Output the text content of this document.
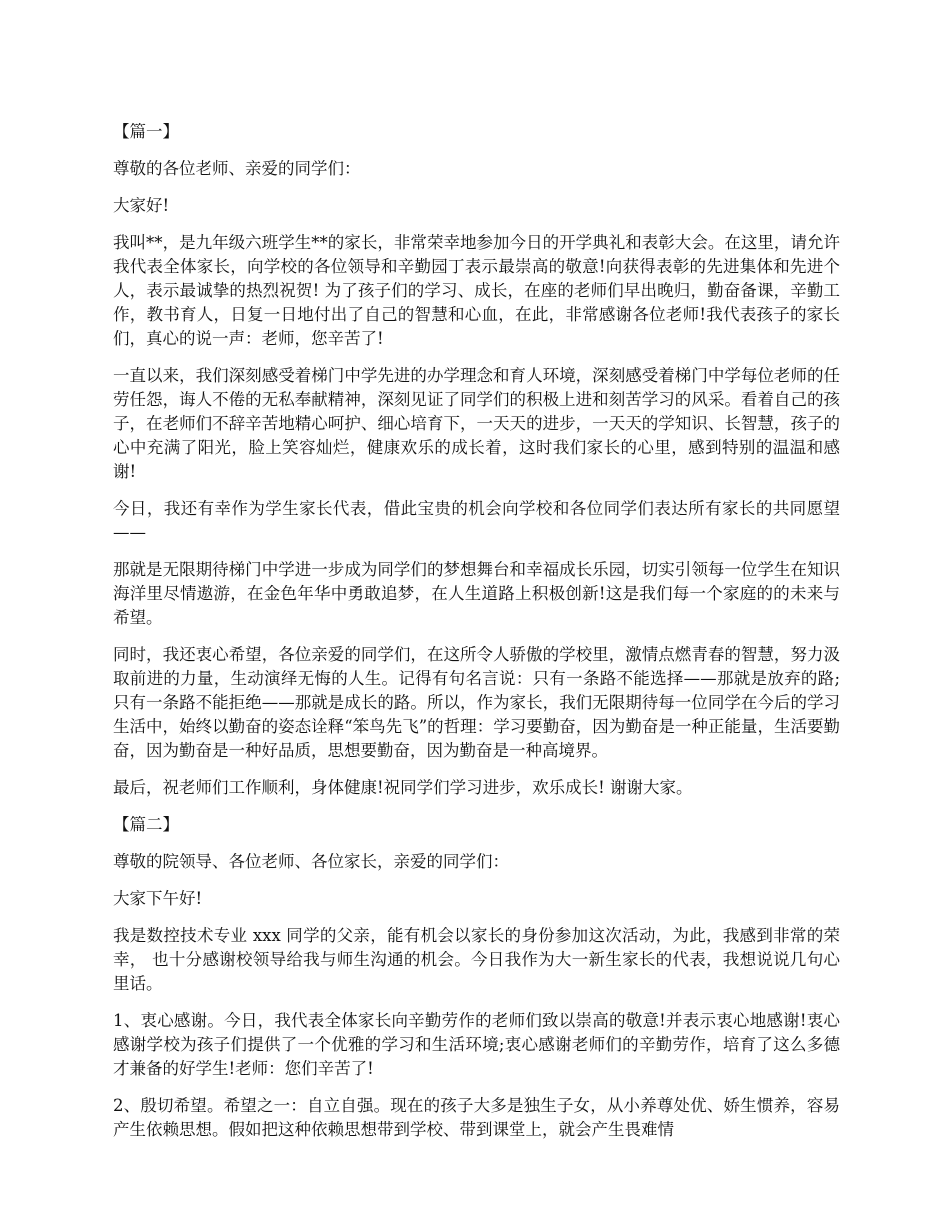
【篇一】

尊敬的各位老师、亲爱的同学们：

大家好!

我叫**，是九年级六班学生**的家长，非常荣幸地参加今日的开学典礼和表彰大会。在这里，请允许我代表全体家长，向学校的各位领导和辛勤园丁表示最崇高的敬意!向获得表彰的先进集体和先进个人，表示最诚挚的热烈祝贺! 为了孩子们的学习、成长，在座的老师们早出晚归，勤奋备课，辛勤工作，教书育人，日复一日地付出了自己的智慧和心血，在此，非常感谢各位老师!我代表孩子的家长们，真心的说一声：老师，您辛苦了!

一直以来，我们深刻感受着梯门中学先进的办学理念和育人环境，深刻感受着梯门中学每位老师的任劳任怨，诲人不倦的无私奉献精神，深刻见证了同学们的积极上进和刻苦学习的风采。看着自己的孩子，在老师们不辞辛苦地精心呵护、细心培育下，一天天的进步，一天天的学知识、长智慧，孩子的心中充满了阳光，脸上笑容灿烂，健康欢乐的成长着，这时我们家长的心里，感到特别的温温和感谢!

今日，我还有幸作为学生家长代表，借此宝贵的机会向学校和各位同学们表达所有家长的共同愿望——

那就是无限期待梯门中学进一步成为同学们的梦想舞台和幸福成长乐园，切实引领每一位学生在知识海洋里尽情遨游，在金色年华中勇敢追梦，在人生道路上积极创新!这是我们每一个家庭的的未来与希望。

同时，我还衷心希望，各位亲爱的同学们，在这所令人骄傲的学校里，激情点燃青春的智慧，努力汲取前进的力量，生动演绎无悔的人生。记得有句名言说：只有一条路不能选择——那就是放弃的路;只有一条路不能拒绝——那就是成长的路。所以，作为家长，我们无限期待每一位同学在今后的学习生活中，始终以勤奋的姿态诠释“笨鸟先飞”的哲理：学习要勤奋，因为勤奋是一种正能量，生活要勤奋，因为勤奋是一种好品质，思想要勤奋，因为勤奋是一种高境界。

最后，祝老师们工作顺利，身体健康!祝同学们学习进步，欢乐成长! 谢谢大家。

【篇二】

尊敬的院领导、各位老师、各位家长，亲爱的同学们：

大家下午好!

我是数控技术专业 xxx 同学的父亲，能有机会以家长的身份参加这次活动，为此，我感到非常的荣幸， 也十分感谢校领导给我与师生沟通的机会。今日我作为大一新生家长的代表，我想说说几句心里话。

1、衷心感谢。今日，我代表全体家长向辛勤劳作的老师们致以崇高的敬意!并表示衷心地感谢!衷心感谢学校为孩子们提供了一个优雅的学习和生活环境;衷心感谢老师们的辛勤劳作，培育了这么多德才兼备的好学生!老师：您们辛苦了!

2、殷切希望。希望之一：自立自强。现在的孩子大多是独生子女，从小养尊处优、娇生惯养，容易产生依赖思想。假如把这种依赖思想带到学校、带到课堂上，就会产生畏难情
